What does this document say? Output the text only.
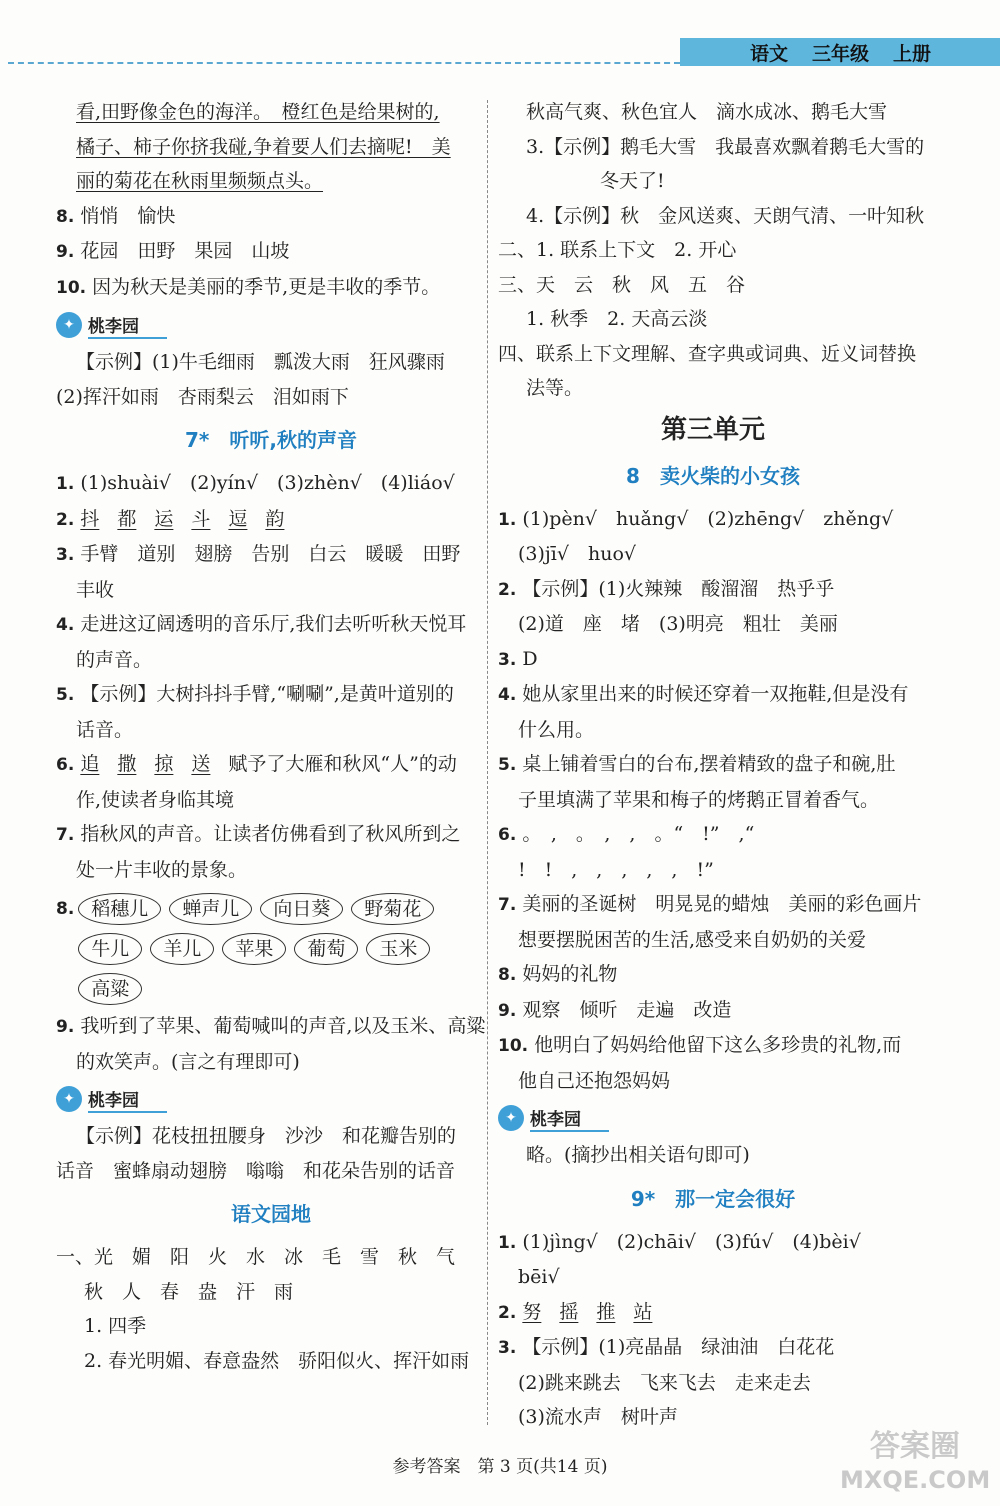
语文 三年级 上册
看,田野像金色的海洋。　橙红色是给果树的,
橘子、柿子你挤我碰,争着要人们去摘呢!　美
丽的菊花在秋雨里频频点头。
8. 悄悄　愉快
9. 花园　田野　果园　山坡
10. 因为秋天是美丽的季节,更是丰收的季节。
✦ 桃李园
【示例】(1)牛毛细雨　瓢泼大雨　狂风骤雨
(2)挥汗如雨　杏雨梨云　泪如雨下
7*　听听,秋的声音
1. (1)shuài√　(2)yín√　(3)zhèn√　(4)liáo√
2. 抖 都 运 斗 逗 韵
3. 手臂　道别　翅膀　告别　白云　暖暖　田野
丰收
4. 走进这辽阔透明的音乐厅,我们去听听秋天悦耳
的声音。
5. 【示例】大树抖抖手臂,“唰唰”,是黄叶道别的
话音。
6. 追 撒 掠 送 赋予了大雁和秋风“人”的动
作,使读者身临其境
7. 指秋风的声音。让读者仿佛看到了秋风所到之
处一片丰收的景象。
8. 稻穗儿	蝉声儿	向日葵	野菊花
牛儿	羊儿	苹果	葡萄	玉米
高粱
9. 我听到了苹果、葡萄喊叫的声音,以及玉米、高粱
的欢笑声。(言之有理即可)
✦ 桃李园
【示例】花枝扭扭腰身　沙沙　和花瓣告别的
话音　蜜蜂扇动翅膀　嗡嗡　和花朵告别的话音
语文园地
一、光　媚　阳　火　水　冰　毛　雪　秋　气
秋　人　春　盎　汗　雨
1. 四季
2. 春光明媚、春意盎然　骄阳似火、挥汗如雨
秋高气爽、秋色宜人　滴水成冰、鹅毛大雪
3.【示例】鹅毛大雪　我最喜欢飘着鹅毛大雪的
冬天了!
4.【示例】秋　金风送爽、天朗气清、一叶知秋
二、1. 联系上下文　2. 开心
三、天　云　秋　风　五　谷
1. 秋季　2. 天高云淡
四、联系上下文理解、查字典或词典、近义词替换
法等。
第三单元
8　卖火柴的小女孩
1. (1)pèn√　huǎng√　(2)zhēng√　zhěng√
(3)jī√　huo√
2. 【示例】(1)火辣辣　酸溜溜　热乎乎
(2)道　座　堵　(3)明亮　粗壮　美丽
3. D
4. 她从家里出来的时候还穿着一双拖鞋,但是没有
什么用。
5. 桌上铺着雪白的台布,摆着精致的盘子和碗,肚
子里填满了苹果和梅子的烤鹅正冒着香气。
6. 。　,　。　,　,　。“　!”　,“
!　!　,　,　,　,　,　!”
7. 美丽的圣诞树　明晃晃的蜡烛　美丽的彩色画片
想要摆脱困苦的生活,感受来自奶奶的关爱
8. 妈妈的礼物
9. 观察　倾听　走遍　改造
10. 他明白了妈妈给他留下这么多珍贵的礼物,而
他自己还抱怨妈妈
✦ 桃李园
略。(摘抄出相关语句即可)
9*　那一定会很好
1. (1)jìng√　(2)chāi√　(3)fú√　(4)bèi√
bēi√
2. 努 摇 推 站
3. 【示例】(1)亮晶晶　绿油油　白花花
(2)跳来跳去　飞来飞去　走来走去
(3)流水声　树叶声
参考答案　第 3 页(共14 页)
答案圈
MXQE.COM
